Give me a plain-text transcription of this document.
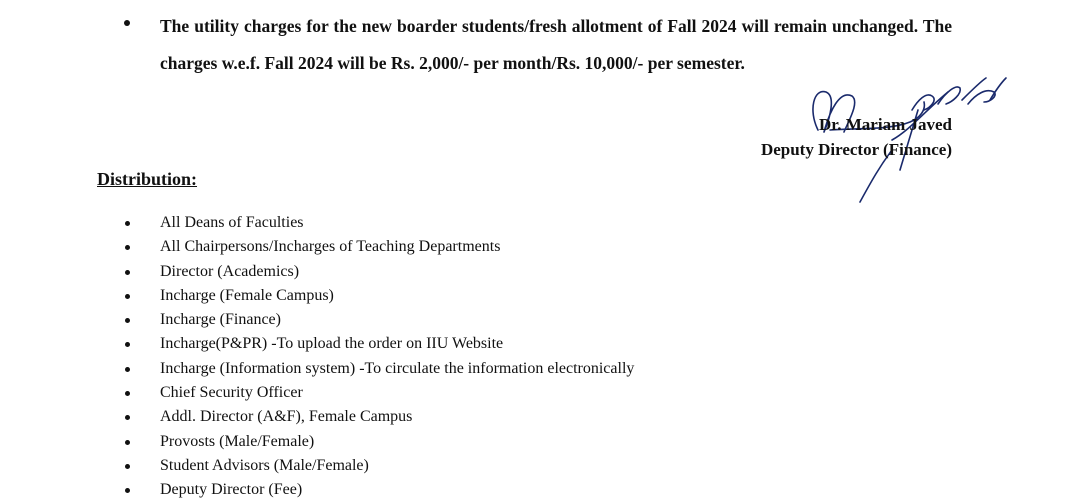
The utility charges for the new boarder students/fresh allotment of Fall 2024 will remain unchanged. The charges w.e.f. Fall 2024 will be Rs. 2,000/- per month/Rs. 10,000/- per semester.
Dr. Mariam Javed
Deputy Director (Finance)
Distribution:
All Deans of Faculties
All Chairpersons/Incharges of Teaching Departments
Director (Academics)
Incharge (Female Campus)
Incharge (Finance)
Incharge(P&PR) -To upload the order on IIU Website
Incharge (Information system) -To circulate the information electronically
Chief Security Officer
Addl. Director (A&F), Female Campus
Provosts (Male/Female)
Student Advisors (Male/Female)
Deputy Director (Fee)
